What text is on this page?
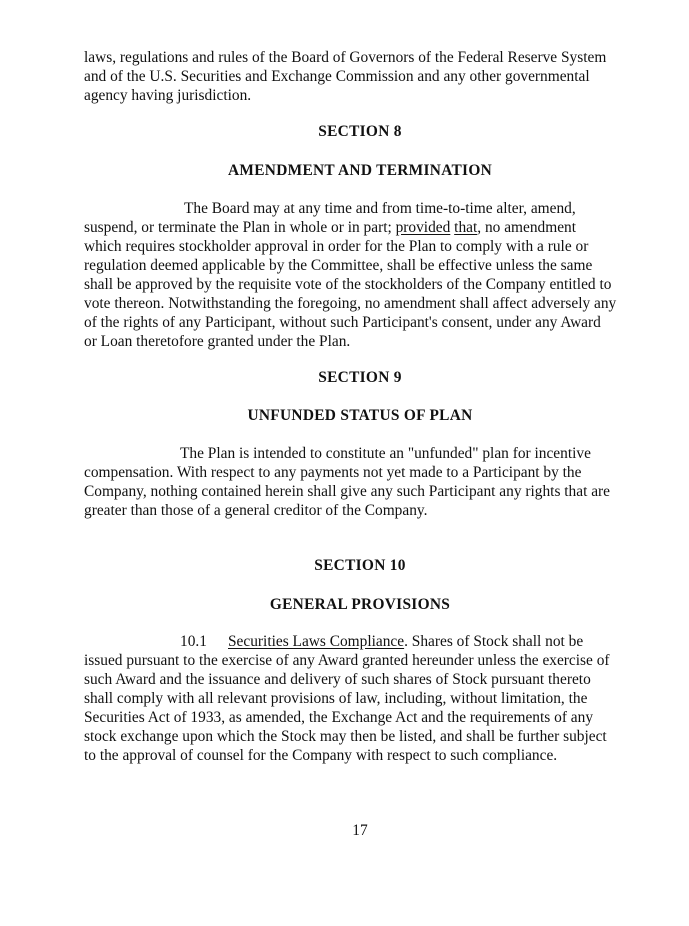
laws, regulations and rules of the Board of Governors of the Federal Reserve System
and of the U.S. Securities and Exchange Commission and any other governmental
agency having jurisdiction.
SECTION 8
AMENDMENT AND TERMINATION
The Board may at any time and from time-to-time alter, amend,
suspend, or terminate the Plan in whole or in part; provided that, no amendment
which requires stockholder approval in order for the Plan to comply with a rule or
regulation deemed applicable by the Committee, shall be effective unless the same
shall be approved by the requisite vote of the stockholders of the Company entitled to
vote thereon. Notwithstanding the foregoing, no amendment shall affect adversely any
of the rights of any Participant, without such Participant's consent, under any Award
or Loan theretofore granted under the Plan.
SECTION 9
UNFUNDED STATUS OF PLAN
The Plan is intended to constitute an "unfunded" plan for incentive
compensation. With respect to any payments not yet made to a Participant by the
Company, nothing contained herein shall give any such Participant any rights that are
greater than those of a general creditor of the Company.
SECTION 10
GENERAL PROVISIONS
10.1 Securities Laws Compliance. Shares of Stock shall not be
issued pursuant to the exercise of any Award granted hereunder unless the exercise of
such Award and the issuance and delivery of such shares of Stock pursuant thereto
shall comply with all relevant provisions of law, including, without limitation, the
Securities Act of 1933, as amended, the Exchange Act and the requirements of any
stock exchange upon which the Stock may then be listed, and shall be further subject
to the approval of counsel for the Company with respect to such compliance.
17
